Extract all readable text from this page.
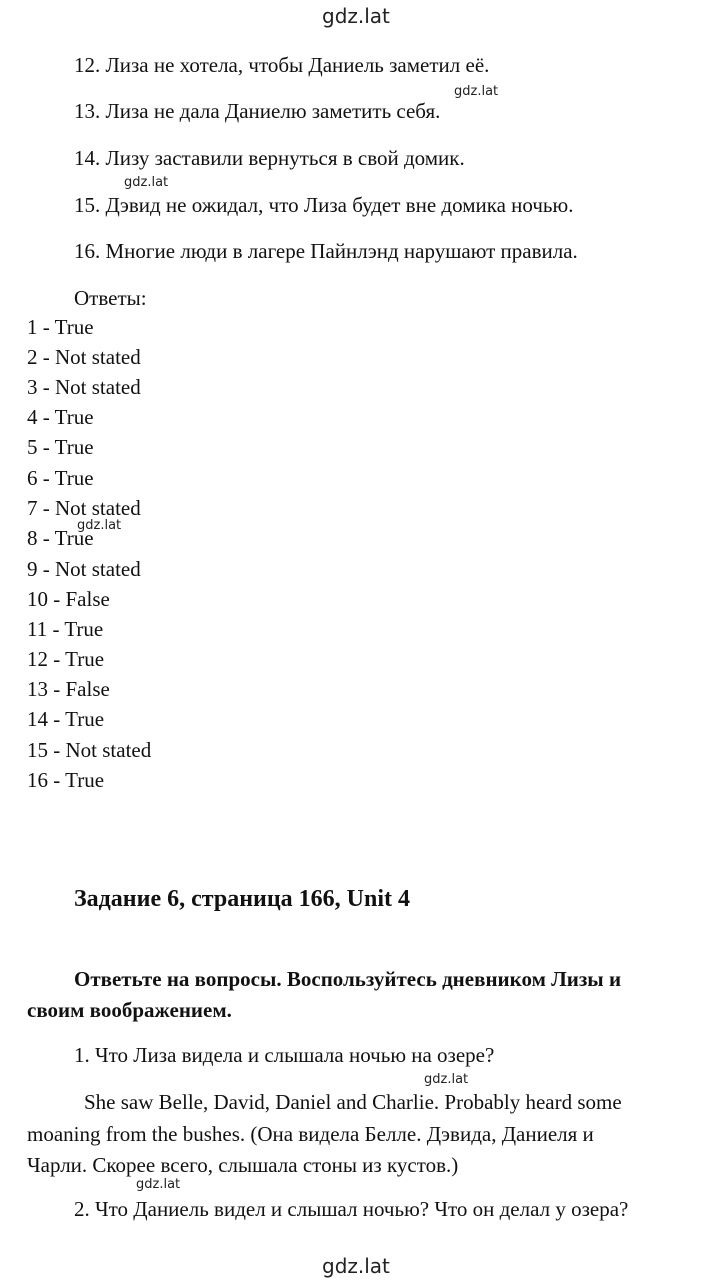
gdz.lat
gdz.lat
gdz.lat
gdz.lat
gdz.lat
gdz.lat
gdz.lat
12. Лиза не хотела, чтобы Даниель заметил её.
13. Лиза не дала Даниелю заметить себя.
14. Лизу заставили вернуться в свой домик.
15. Дэвид не ожидал, что Лиза будет вне домика ночью.
16. Многие люди в лагере Пайнлэнд нарушают правила.
Ответы:
1 - True
2 - Not stated
3 - Not stated
4 - True
5 - True
6 - True
7 - Not stated
8 - True
9 - Not stated
10 - False
11 - True
12 - True
13 - False
14 - True
15 - Not stated
16 - True
Задание 6, страница 166, Unit 4
Ответьте на вопросы. Воспользуйтесь дневником Лизы и
своим воображением.
1. Что Лиза видела и слышала ночью на озере?
She saw Belle, David, Daniel and Charlie. Probably heard some
moaning from the bushes. (Она видела Белле. Дэвида, Даниеля и
Чарли. Скорее всего, слышала стоны из кустов.)
2. Что Даниель видел и слышал ночью? Что он делал у озера?
